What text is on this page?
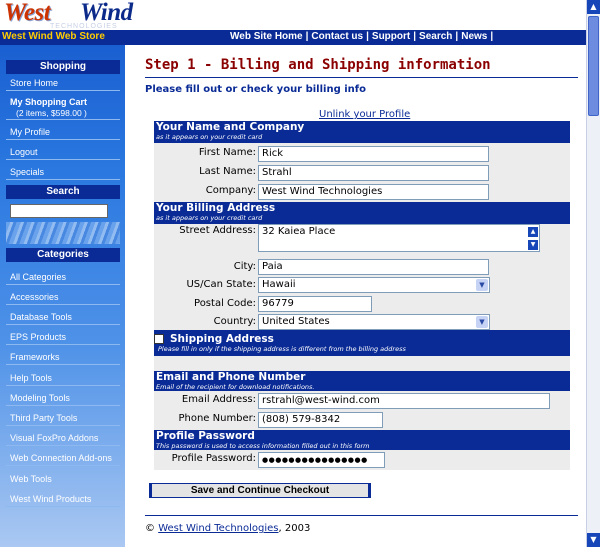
West Wind
TECHNOLOGIES
West Wind Web Store	Web Site Home | Contact us | Support | Search | News |
▲
▼
Shopping
Store Home
My Shopping Cart
(2 items, $598.00 )
My Profile
Logout
Specials
Search
Categories
All Categories
Accessories
Database Tools
EPS Products
Frameworks
Help Tools
Modeling Tools
Third Party Tools
Visual FoxPro Addons
Web Connection Add-ons
Web Tools
West Wind Products
Step 1 - Billing and Shipping information
Please fill out or check your billing info
Unlink your Profile
Your Name and Company
as it appears on your credit card
First Name: Rick
Last Name: Strahl
Company: West Wind Technologies
Your Billing Address
as it appears on your credit card
Street Address: 32 Kaiea Place	▲
▼
City: Paia
US/Can State: Hawaii	▼
Postal Code: 96779
Country: United States	▼
Shipping Address
Please fill in only if the shipping address is different from the billing address
Email and Phone Number
Email of the recipient for download notifications.
Email Address: rstrahl@west-wind.com
Phone Number: (808) 579-8342
Profile Password
This password is used to access information filled out in this form
Profile Password: ●●●●●●●●●●●●●●●●
Save and Continue Checkout
© West Wind Technologies, 2003
